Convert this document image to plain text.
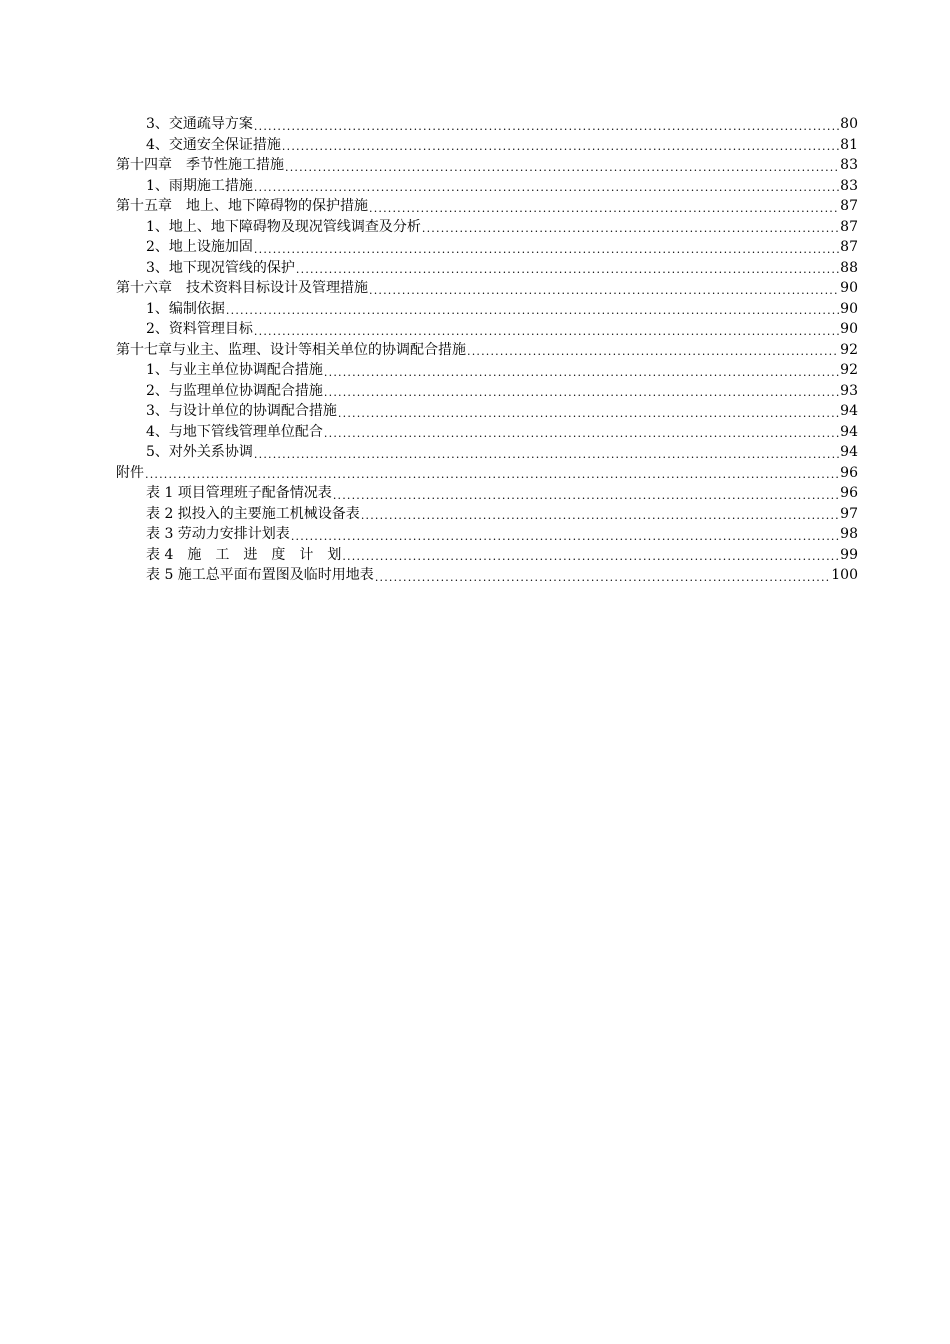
3、交通疏导方案 .....	80
4、交通安全保证措施 .....	81
第十四章　季节性施工措施 .....	83
1、雨期施工措施 .....	83
第十五章　地上、地下障碍物的保护措施 .....	87
1、地上、地下障碍物及现况管线调查及分析 .....	87
2、地上设施加固 .....	87
3、地下现况管线的保护 .....	88
第十六章　技术资料目标设计及管理措施 .....	90
1、编制依据 .....	90
2、资料管理目标 .....	90
第十七章与业主、监理、设计等相关单位的协调配合措施 .....	92
1、与业主单位协调配合措施 .....	92
2、与监理单位协调配合措施 .....	93
3、与设计单位的协调配合措施 .....	94
4、与地下管线管理单位配合 .....	94
5、对外关系协调 .....	94
附件 .....	96
表 1 项目管理班子配备情况表 .....	96
表 2 拟投入的主要施工机械设备表 .....	97
表 3 劳动力安排计划表 .....	98
表 4　施　工　进　度　计　划 .....	99
表 5 施工总平面布置图及临时用地表 .....	100
